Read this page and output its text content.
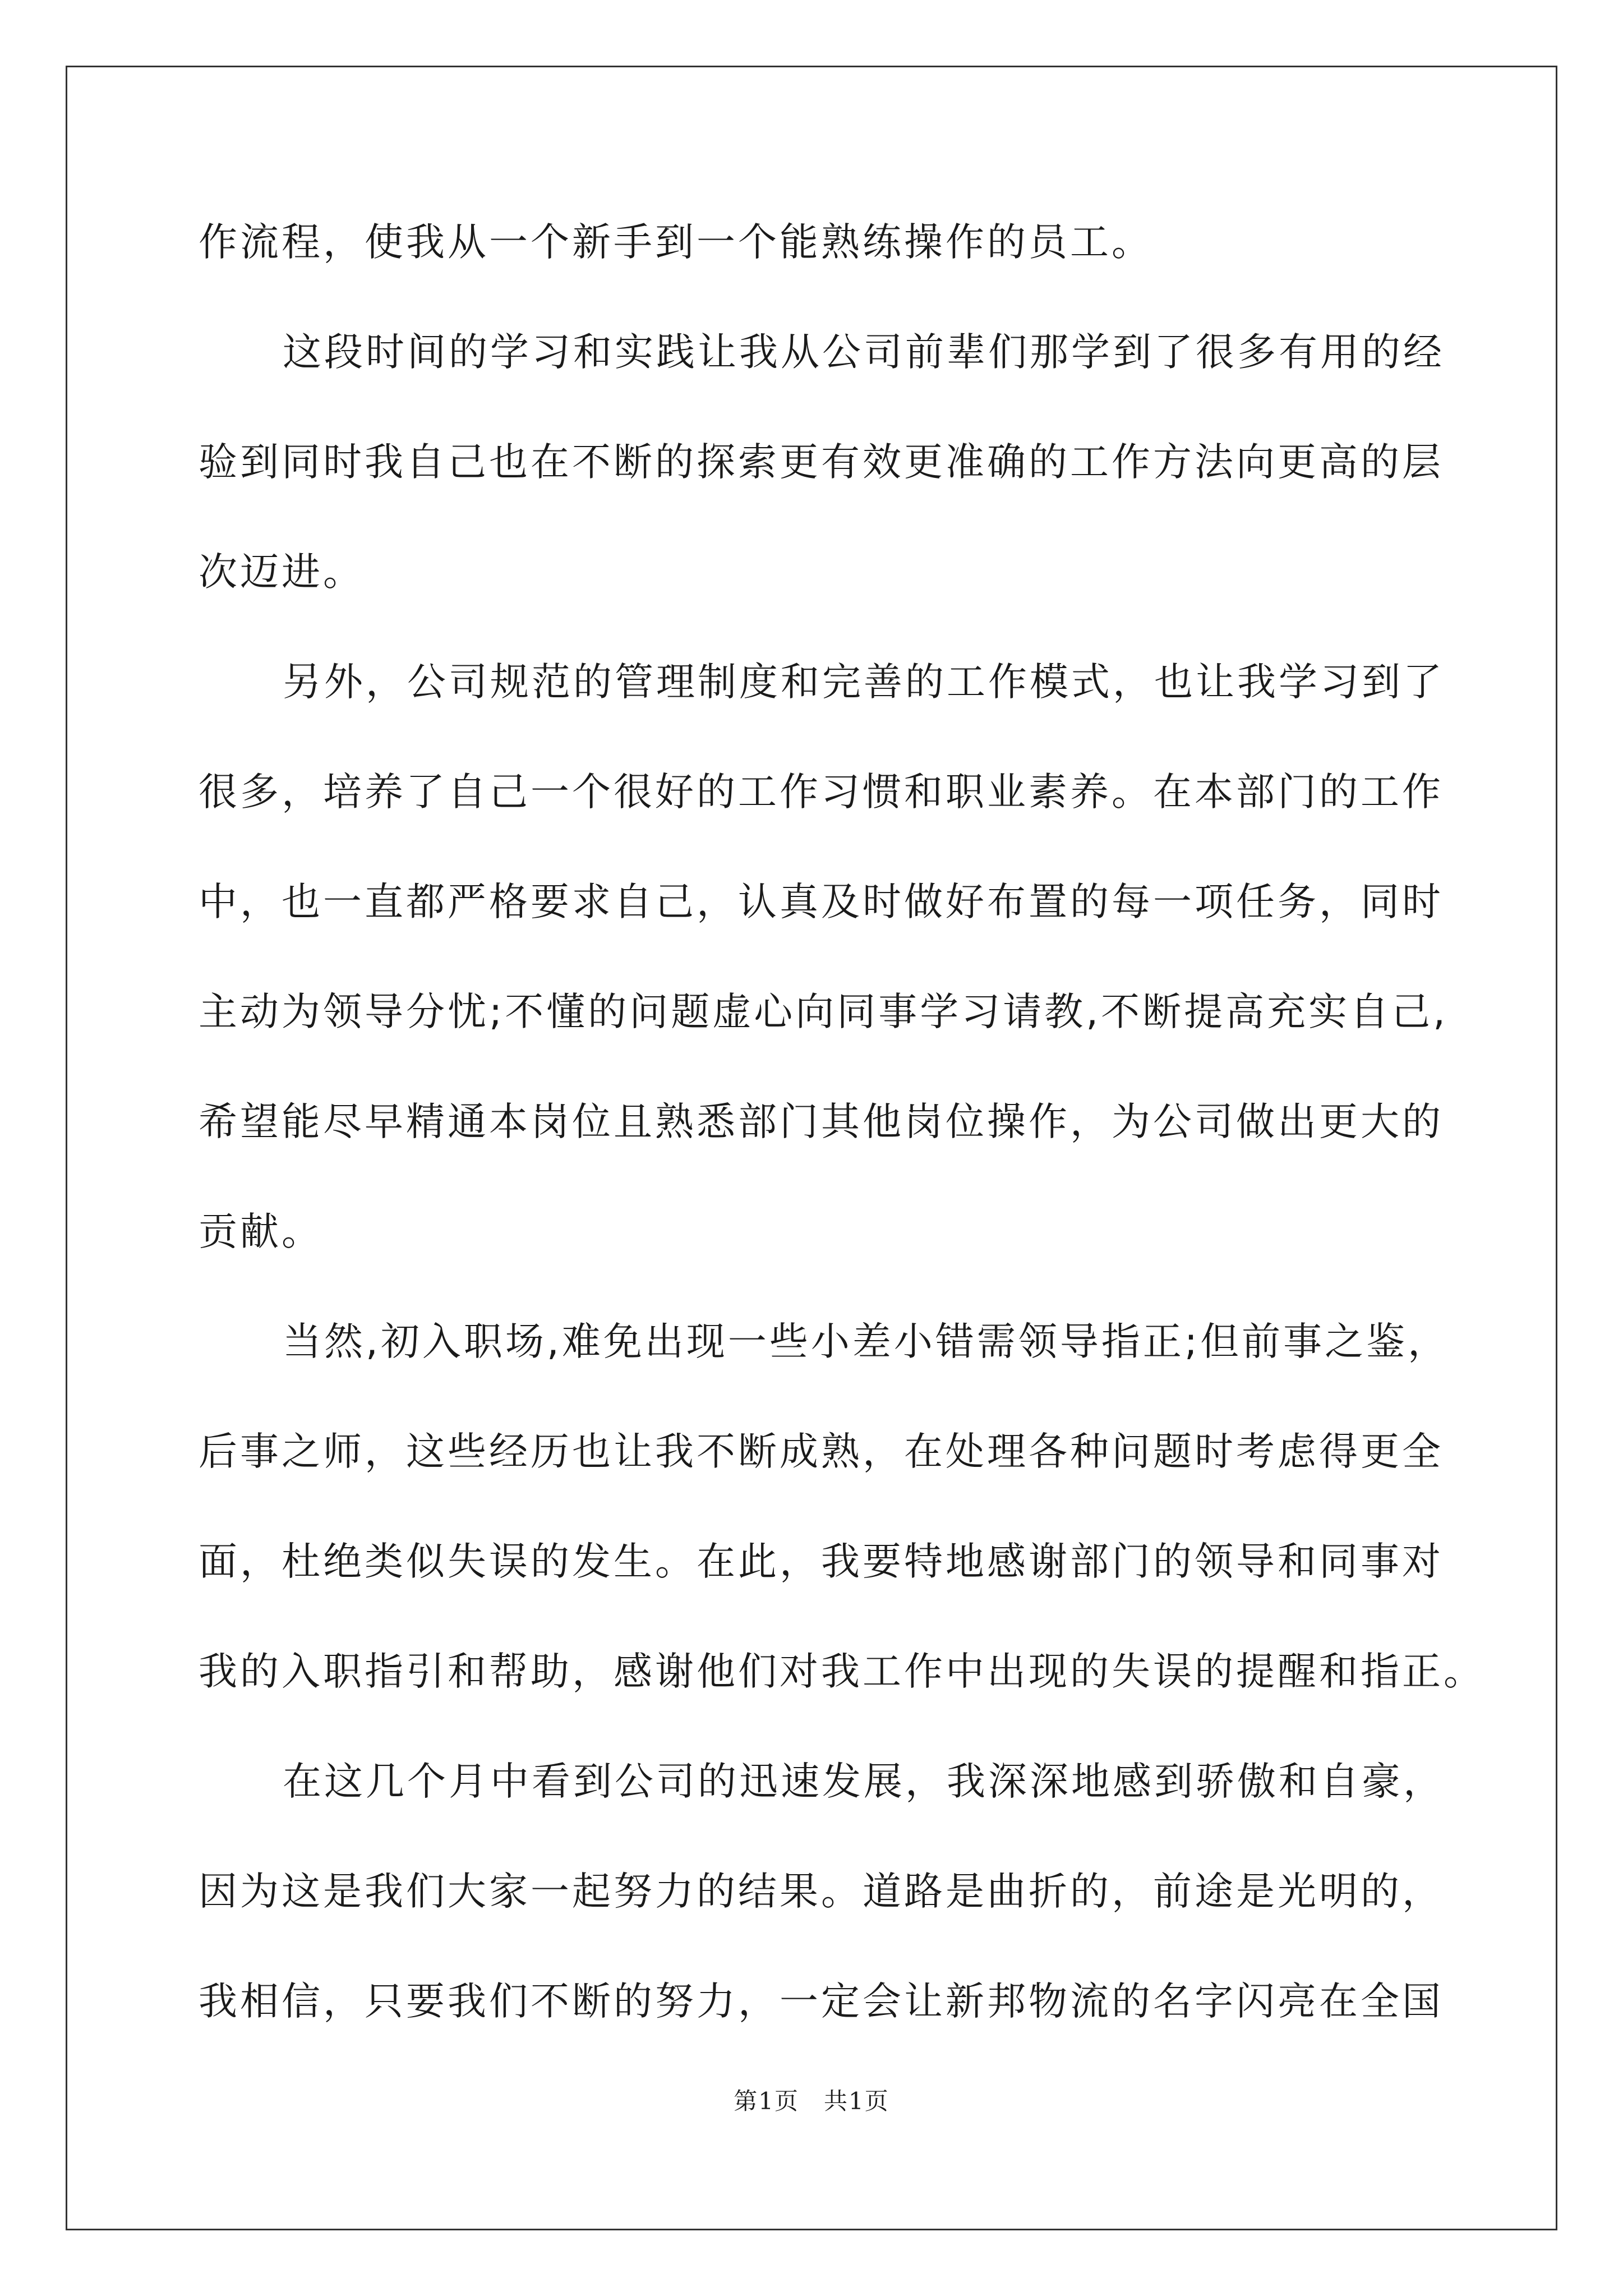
作流程，使我从一个新手到一个能熟练操作的员工。
这段时间的学习和实践让我从公司前辈们那学到了很多有用的经
验到同时我自己也在不断的探索更有效更准确的工作方法向更高的层
次迈进。
另外，公司规范的管理制度和完善的工作模式，也让我学习到了
很多，培养了自己一个很好的工作习惯和职业素养。在本部门的工作
中，也一直都严格要求自己，认真及时做好布置的每一项任务，同时
主动为领导分忧;不懂的问题虚心向同事学习请教,不断提高充实自己,
希望能尽早精通本岗位且熟悉部门其他岗位操作，为公司做出更大的
贡献。
当然,初入职场,难免出现一些小差小错需领导指正;但前事之鉴，
后事之师，这些经历也让我不断成熟，在处理各种问题时考虑得更全
面，杜绝类似失误的发生。在此，我要特地感谢部门的领导和同事对
我的入职指引和帮助，感谢他们对我工作中出现的失误的提醒和指正。
在这几个月中看到公司的迅速发展，我深深地感到骄傲和自豪，
因为这是我们大家一起努力的结果。道路是曲折的，前途是光明的，
我相信，只要我们不断的努力，一定会让新邦物流的名字闪亮在全国
第1页　共1页
